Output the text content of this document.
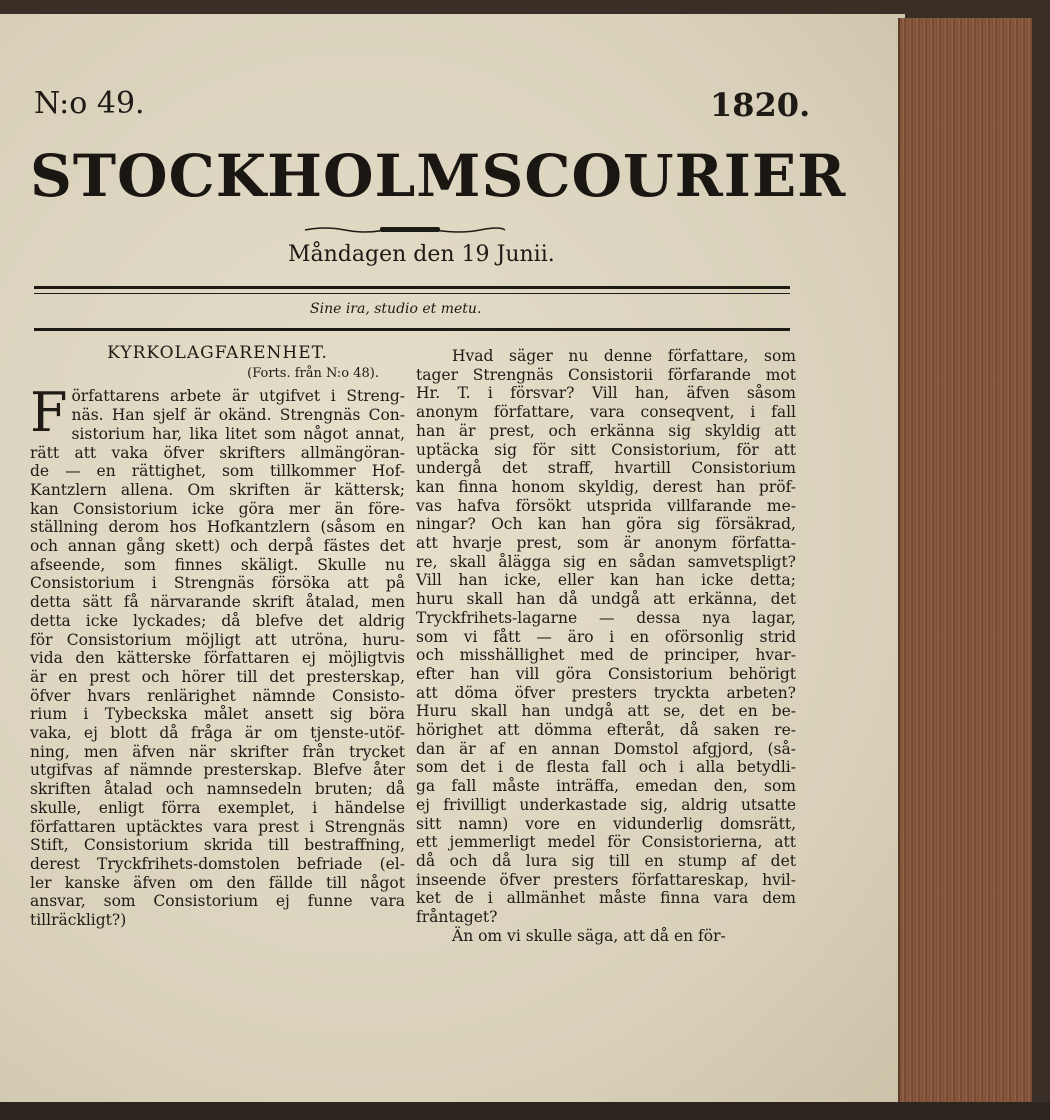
N:o 49.	1820.
STOCKHOLMS COURIER
Måndagen den 19 Junii.
Sine ira, studio et metu.
KYRKOLAGFARENHET.
(Forts. från N:o 48).
F örfattarens arbete är utgifvet i Streng-
näs. Han sjelf är okänd. Strengnäs Con-
sistorium har, lika litet som något annat,
rätt att vaka öfver skrifters allmängöran-
de — en rättighet, som tillkommer Hof-
Kantzlern allena. Om skriften är kättersk;
kan Consistorium icke göra mer än före-
ställning derom hos Hofkantzlern (såsom en
och annan gång skett) och derpå fästes det
afseende, som finnes skäligt. Skulle nu
Consistorium i Strengnäs försöka att på
detta sätt få närvarande skrift åtalad, men
detta icke lyckades; då blefve det aldrig
för Consistorium möjligt att utröna, huru-
vida den kätterske författaren ej möjligtvis
är en prest och hörer till det presterskap,
öfver hvars renlärighet nämnde Consisto-
rium i Tybeckska målet ansett sig böra
vaka, ej blott då fråga är om tjenste-utöf-
ning, men äfven när skrifter från trycket
utgifvas af nämnde presterskap. Blefve åter
skriften åtalad och namnsedeln bruten; då
skulle, enligt förra exemplet, i händelse
författaren uptäcktes vara prest i Strengnäs
Stift, Consistorium skrida till bestraffning,
derest Tryckfrihets-domstolen befriade (el-
ler kanske äfven om den fällde till något
ansvar, som Consistorium ej funne vara
tillräckligt?)
Hvad säger nu denne författare, som
tager Strengnäs Consistorii förfarande mot
Hr. T. i försvar? Vill han, äfven såsom
anonym författare, vara conseqvent, i fall
han är prest, och erkänna sig skyldig att
uptäcka sig för sitt Consistorium, för att
undergå det straff, hvartill Consistorium
kan finna honom skyldig, derest han pröf-
vas hafva försökt utsprida villfarande me-
ningar? Och kan han göra sig försäkrad,
att hvarje prest, som är anonym författa-
re, skall ålägga sig en sådan samvetspligt?
Vill han icke, eller kan han icke detta;
huru skall han då undgå att erkänna, det
Tryckfrihets-lagarne — dessa nya lagar,
som vi fått — äro i en oförsonlig strid
och misshällighet med de principer, hvar-
efter han vill göra Consistorium behörigt
att döma öfver presters tryckta arbeten?
Huru skall han undgå att se, det en be-
hörighet att dömma efteråt, då saken re-
dan är af en annan Domstol afgjord, (så-
som det i de flesta fall och i alla betydli-
ga fall måste inträffa, emedan den, som
ej frivilligt underkastade sig, aldrig utsatte
sitt namn) vore en vidunderlig domsrätt,
ett jemmerligt medel för Consistorierna, att
då och då lura sig till en stump af det
inseende öfver presters författareskap, hvil-
ket de i allmänhet måste finna vara dem
fråntaget?
Än om vi skulle säga, att då en för-
